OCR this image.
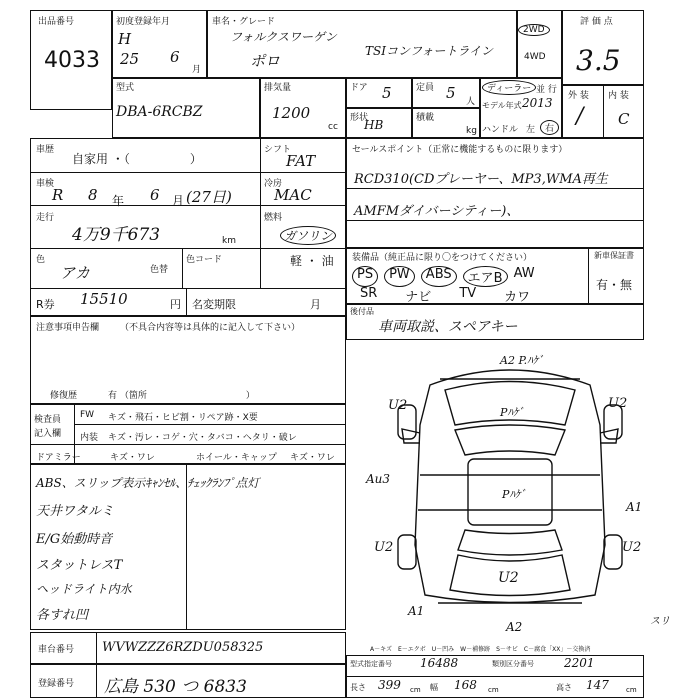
出品番号
4033
初度登録年月
H
25 6
月
車名・グレード
フォルクスワーゲン
ポロ
TSIコンフォートライン
2WD
4WD
評 価 点
3.5
型式
DBA-6RCBZ
排気量
1200
cc
ドア 5	定員 5 人
形状
HB	積載
kg
ディーラー 並 行
モデル年式 2013
ハンドル 左	右
外 装 内 装
/ C
車歴
自家用 ・（　　　　　）
シフト
FAT
車検
R 8 年 6 月 (27日)
冷房
MAC
走行
4万9千673	km
燃料
ガソリン
軽 ・ 油
色
アカ	色替
色コード
R券 15510	円 名変期限	月
セールスポイント（正常に機能するものに限ります）
RCD310(CDプレーヤー、MP3,WMA再生
AMFMダイバーシティー)、
装備品（純正品に限り〇をつけてください）	新車保証書
有・無
PS	PW	ABS	エアB AW
SR ナビ TV カワ
後付品
車両取説、スペアキー
注意事項申告欄 （不具合内容等は具体的に記入して下さい）
修復歴	有 （箇所　　　　　　　　　　　）
検査員
記入欄
FW キズ・飛石・ヒビ割・リペア跡・X要
内装 キズ・汚レ・コゲ・穴・タバコ・ヘタリ・破レ
ドアミラー	キズ・ワレ	ホイール・キャップ キズ・ワレ
ABS、スリップ表示ｷｬﾝｾﾙ、ﾁｪｯｸﾗﾝﾌﾟ点灯
天井ワタルミ
E/G始動時音
スタットレスT
ヘッドライト内水
各すれ凹
A2 P.ﾊｹﾞ
Pﾊｹﾞ
U2	U2
Au3
Pﾊｹﾞ
A1
U2	U2
U2
A1
A2	スリ
A－キズ　E－エクボ　U－凹み　W－補修跡　S－サビ　C－腐食「XX」－交換済
車台番号 WVWZZZ6RZDU058325
登録番号 広島 530 つ 6833
型式指定番号 16488	類別区分番号	2201
長さ 399 cm 幅 168 cm	高さ 147 cm
